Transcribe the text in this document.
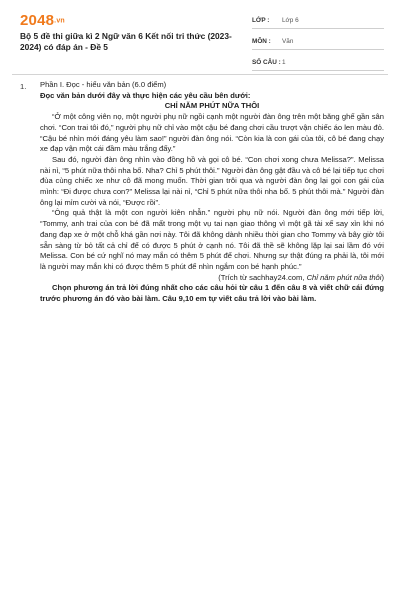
2048.vn
Bộ 5 đề thi giữa kì 2 Ngữ văn 6 Kết nối tri thức (2023-2024) có đáp án - Đề 5
LỚP :	Lớp 6
MÔN :	Văn
SỐ CÂU : 1
1. Phần I. Đọc - hiểu văn bản (6.0 điểm)

Đọc văn bản dưới đây và thực hiện các yêu cầu bên dưới:

CHỈ NĂM PHÚT NỮA THÔI

“Ở một công viên nọ, một người phụ nữ ngồi cạnh một người đàn ông trên một băng ghế gần sân chơi. “Con trai tôi đó,” người phụ nữ chỉ vào một cậu bé đang chơi cầu trượt vận chiếc áo len màu đỏ. “Cậu bé nhìn mới đáng yêu làm sao!” người đàn ông nói. “Còn kia là con gái của tôi, cô bé đang chạy xe đạp vận một cái đầm màu trắng đấy.”

Sau đó, người đàn ông nhìn vào đồng hồ và gọi cô bé. “Con chơi xong chưa Melissa?”. Melissa nài nỉ, “5 phút nữa thôi nha bố. Nha? Chỉ 5 phút thôi.” Người đàn ông gật đầu và cô bé lại tiếp tục chơi đùa cùng chiếc xe như cô đã mong muốn. Thời gian trôi qua và người đàn ông lại gọi con gái của mình: “Đi được chưa con?” Melissa lại nài nỉ, “Chỉ 5 phút nữa thôi nha bố. 5 phút thôi mà.” Người đàn ông lại mỉm cười và nói, “Được rồi”.

“Ông quả thật là một con người kiên nhẫn.” người phụ nữ nói. Người đàn ông mới tiếp lời, “Tommy, anh trai của con bé đã mất trong một vụ tai nạn giao thông vì một gã tài xế say xỉn khi nó đang đạp xe ở một chỗ khá gần nơi này. Tôi đã không dành nhiều thời gian cho Tommy và bây giờ tôi sẵn sàng từ bỏ tất cả chỉ để có được 5 phút ở cạnh nó. Tôi đã thề sẽ không lặp lại sai lầm đó với Melissa. Con bé cứ nghĩ nó may mắn có thêm 5 phút để chơi. Nhưng sự thật đúng ra phải là, tôi mới là người may mắn khi có được thêm 5 phút để nhìn ngắm con bé hạnh phúc.”

(Trích từ sachhay24.com, Chỉ năm phút nữa thôi)

Chọn phương án trả lời đúng nhất cho các câu hỏi từ câu 1 đến câu 8 và viết chữ cái đứng trước phương án đó vào bài làm. Câu 9,10 em tự viết câu trả lời vào bài làm.
